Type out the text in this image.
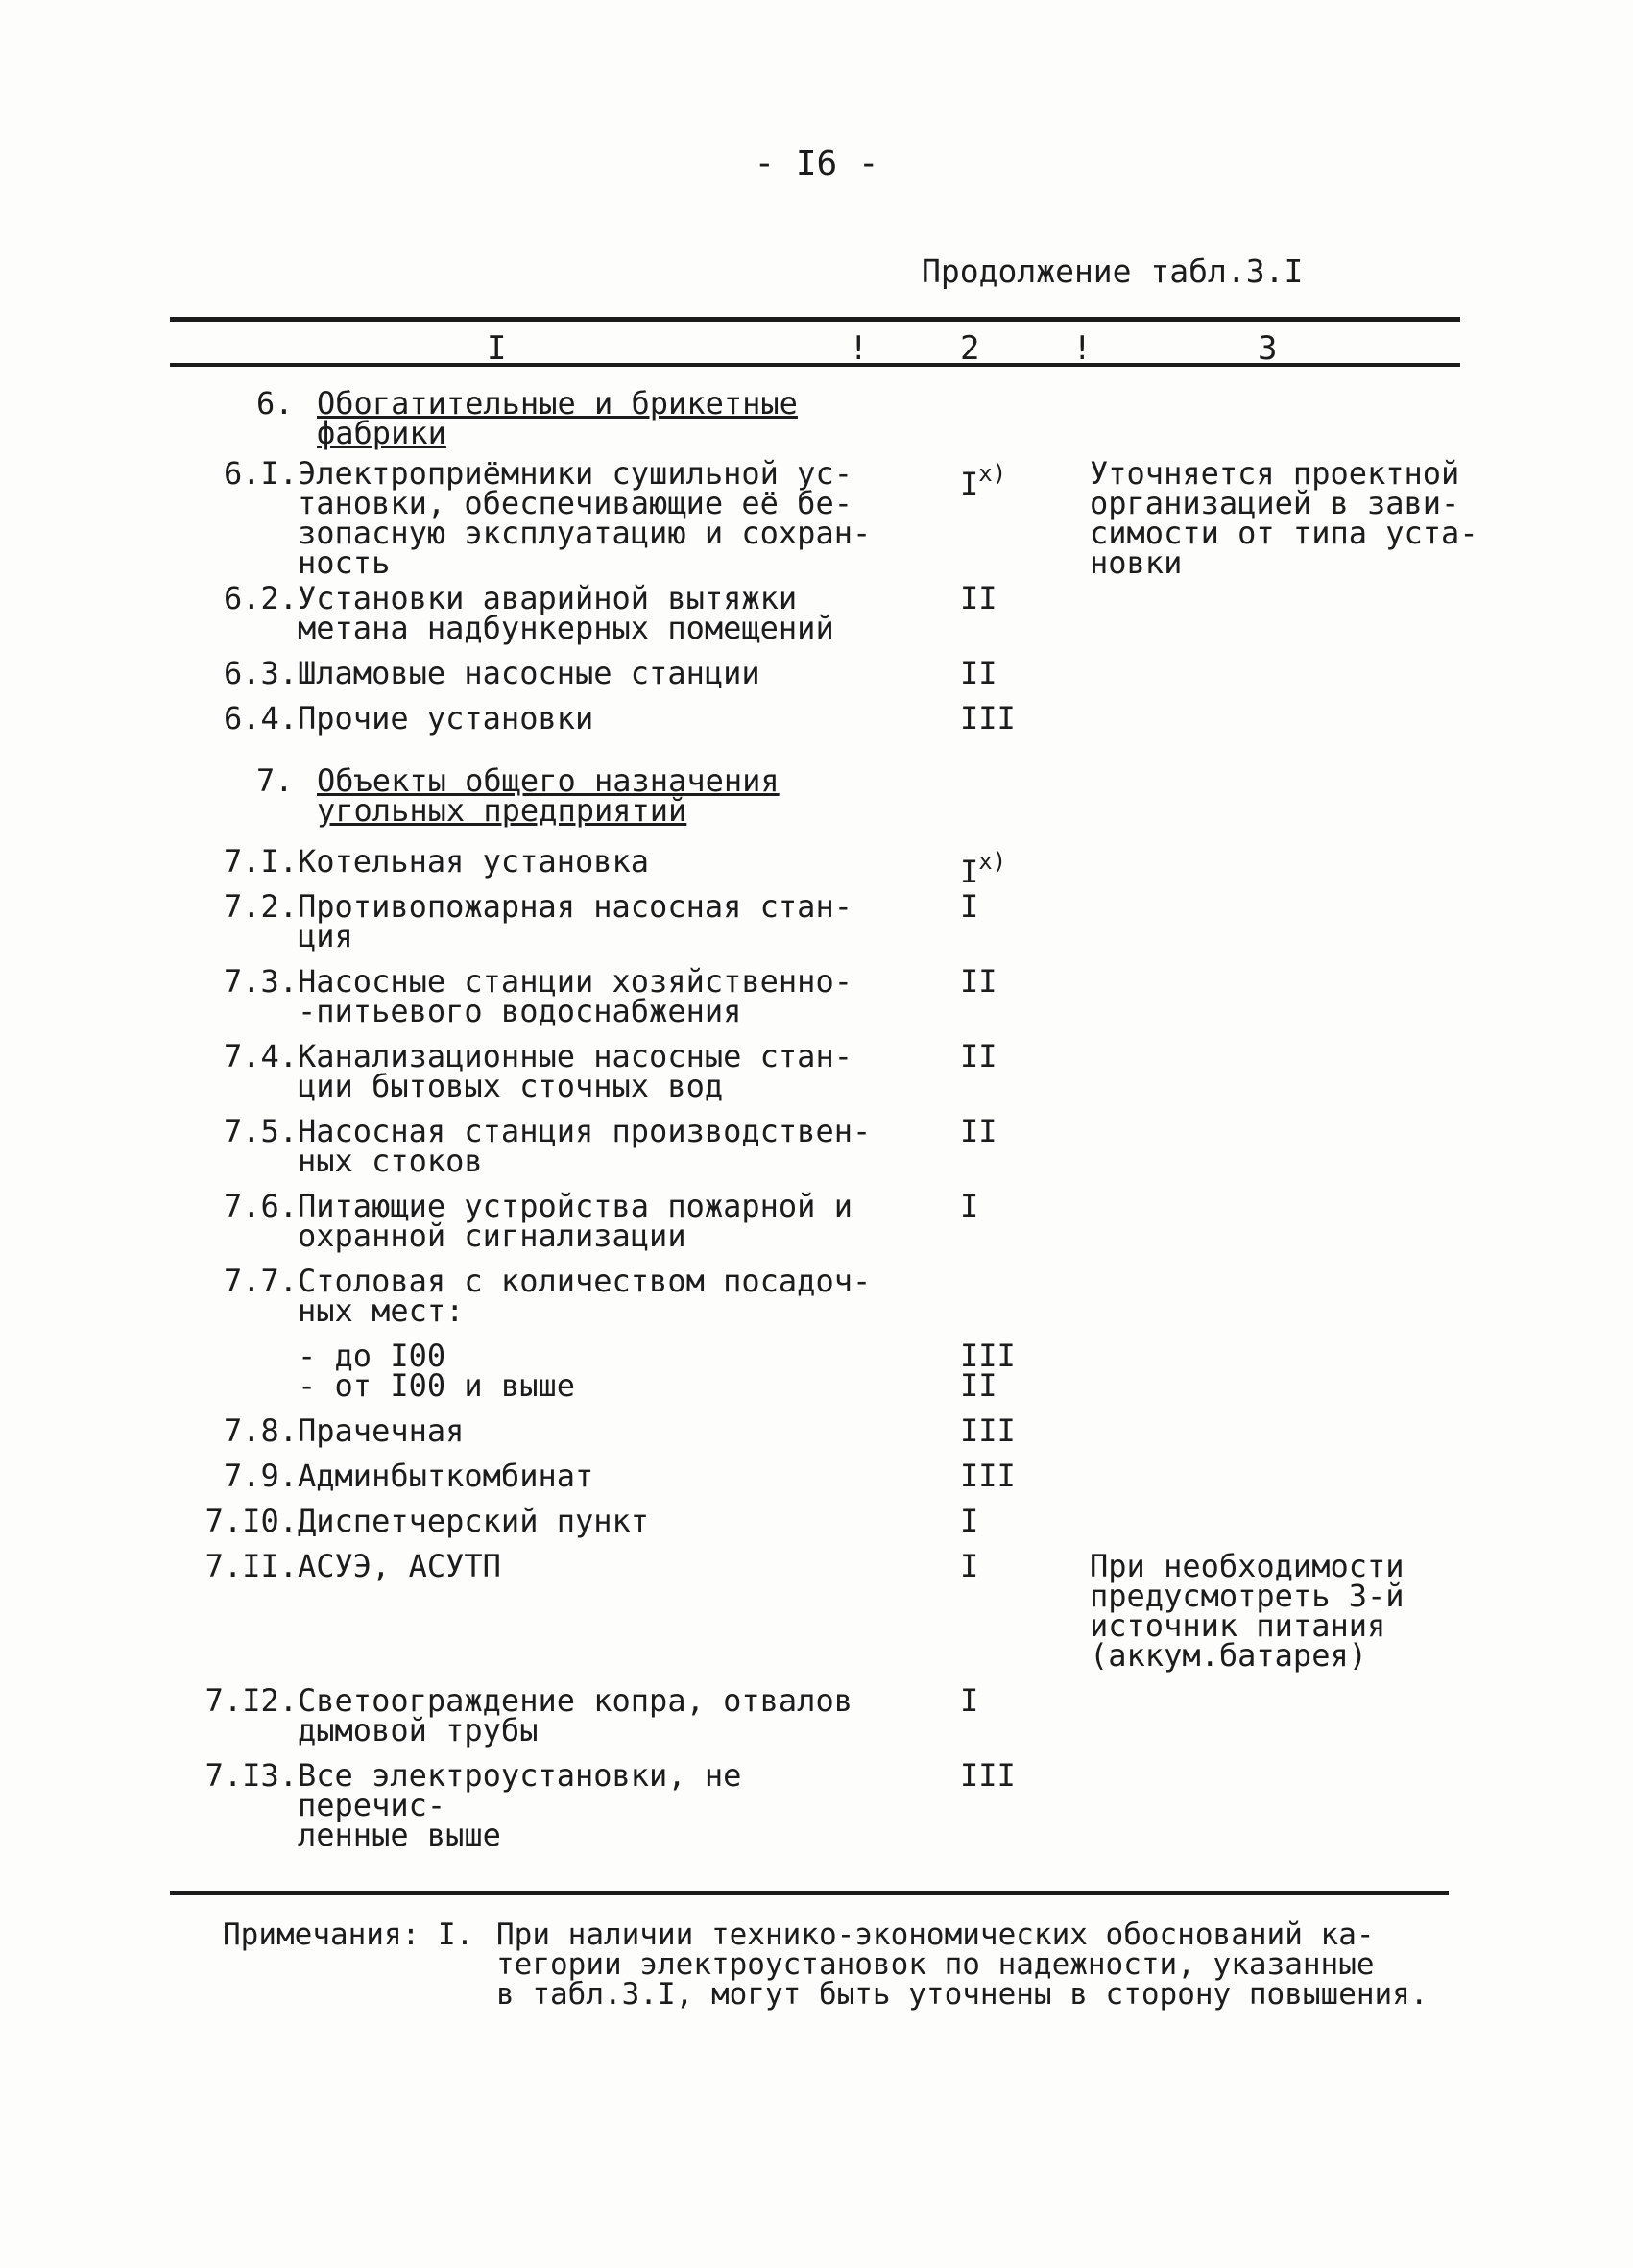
- I6 -
Продолжение табл.3.I
I	!	2	!	3
6. Обогатительные и брикетные
фабрики
6.I. Электроприёмники сушильной ус-
тановки, обеспечивающие её бе-
зопасную эксплуатацию и сохран-
ность
$I^{x)}$	Уточняется проектной
организацией в зави-
симости от типа уста-
новки
6.2. Установки аварийной вытяжки
метана надбункерных помещений
II
6.3. Шламовые насосные станции	II
6.4. Прочие установки	III
7. Объекты общего назначения
угольных предприятий
7.I. Котельная установка	$I^{x)}$
7.2. Противопожарная насосная стан-
ция
I
7.3. Насосные станции хозяйственно-
-питьевого водоснабжения
II
7.4. Канализационные насосные стан-
ции бытовых сточных вод
II
7.5. Насосная станция производствен-
ных стоков
II
7.6. Питающие устройства пожарной и
охранной сигнализации
I
7.7. Столовая с количеством посадоч-
ных мест:
- до I00	III
- от I00 и выше	II
7.8. Прачечная	III
7.9. Админбыткомбинат	III
7.I0. Диспетчерский пункт	I
7.II. АСУЭ, АСУТП	I	При необходимости
предусмотреть 3-й
источник питания
(аккум.батарея)
7.I2. Светоограждение копра, отвалов
дымовой трубы
I
7.I3. Все электроустановки, не перечис-
ленные выше
III
Примечания: I. При наличии технико-экономических обоснований ка-
тегории электроустановок по надежности, указанные
в табл.3.I, могут быть уточнены в сторону повышения.
